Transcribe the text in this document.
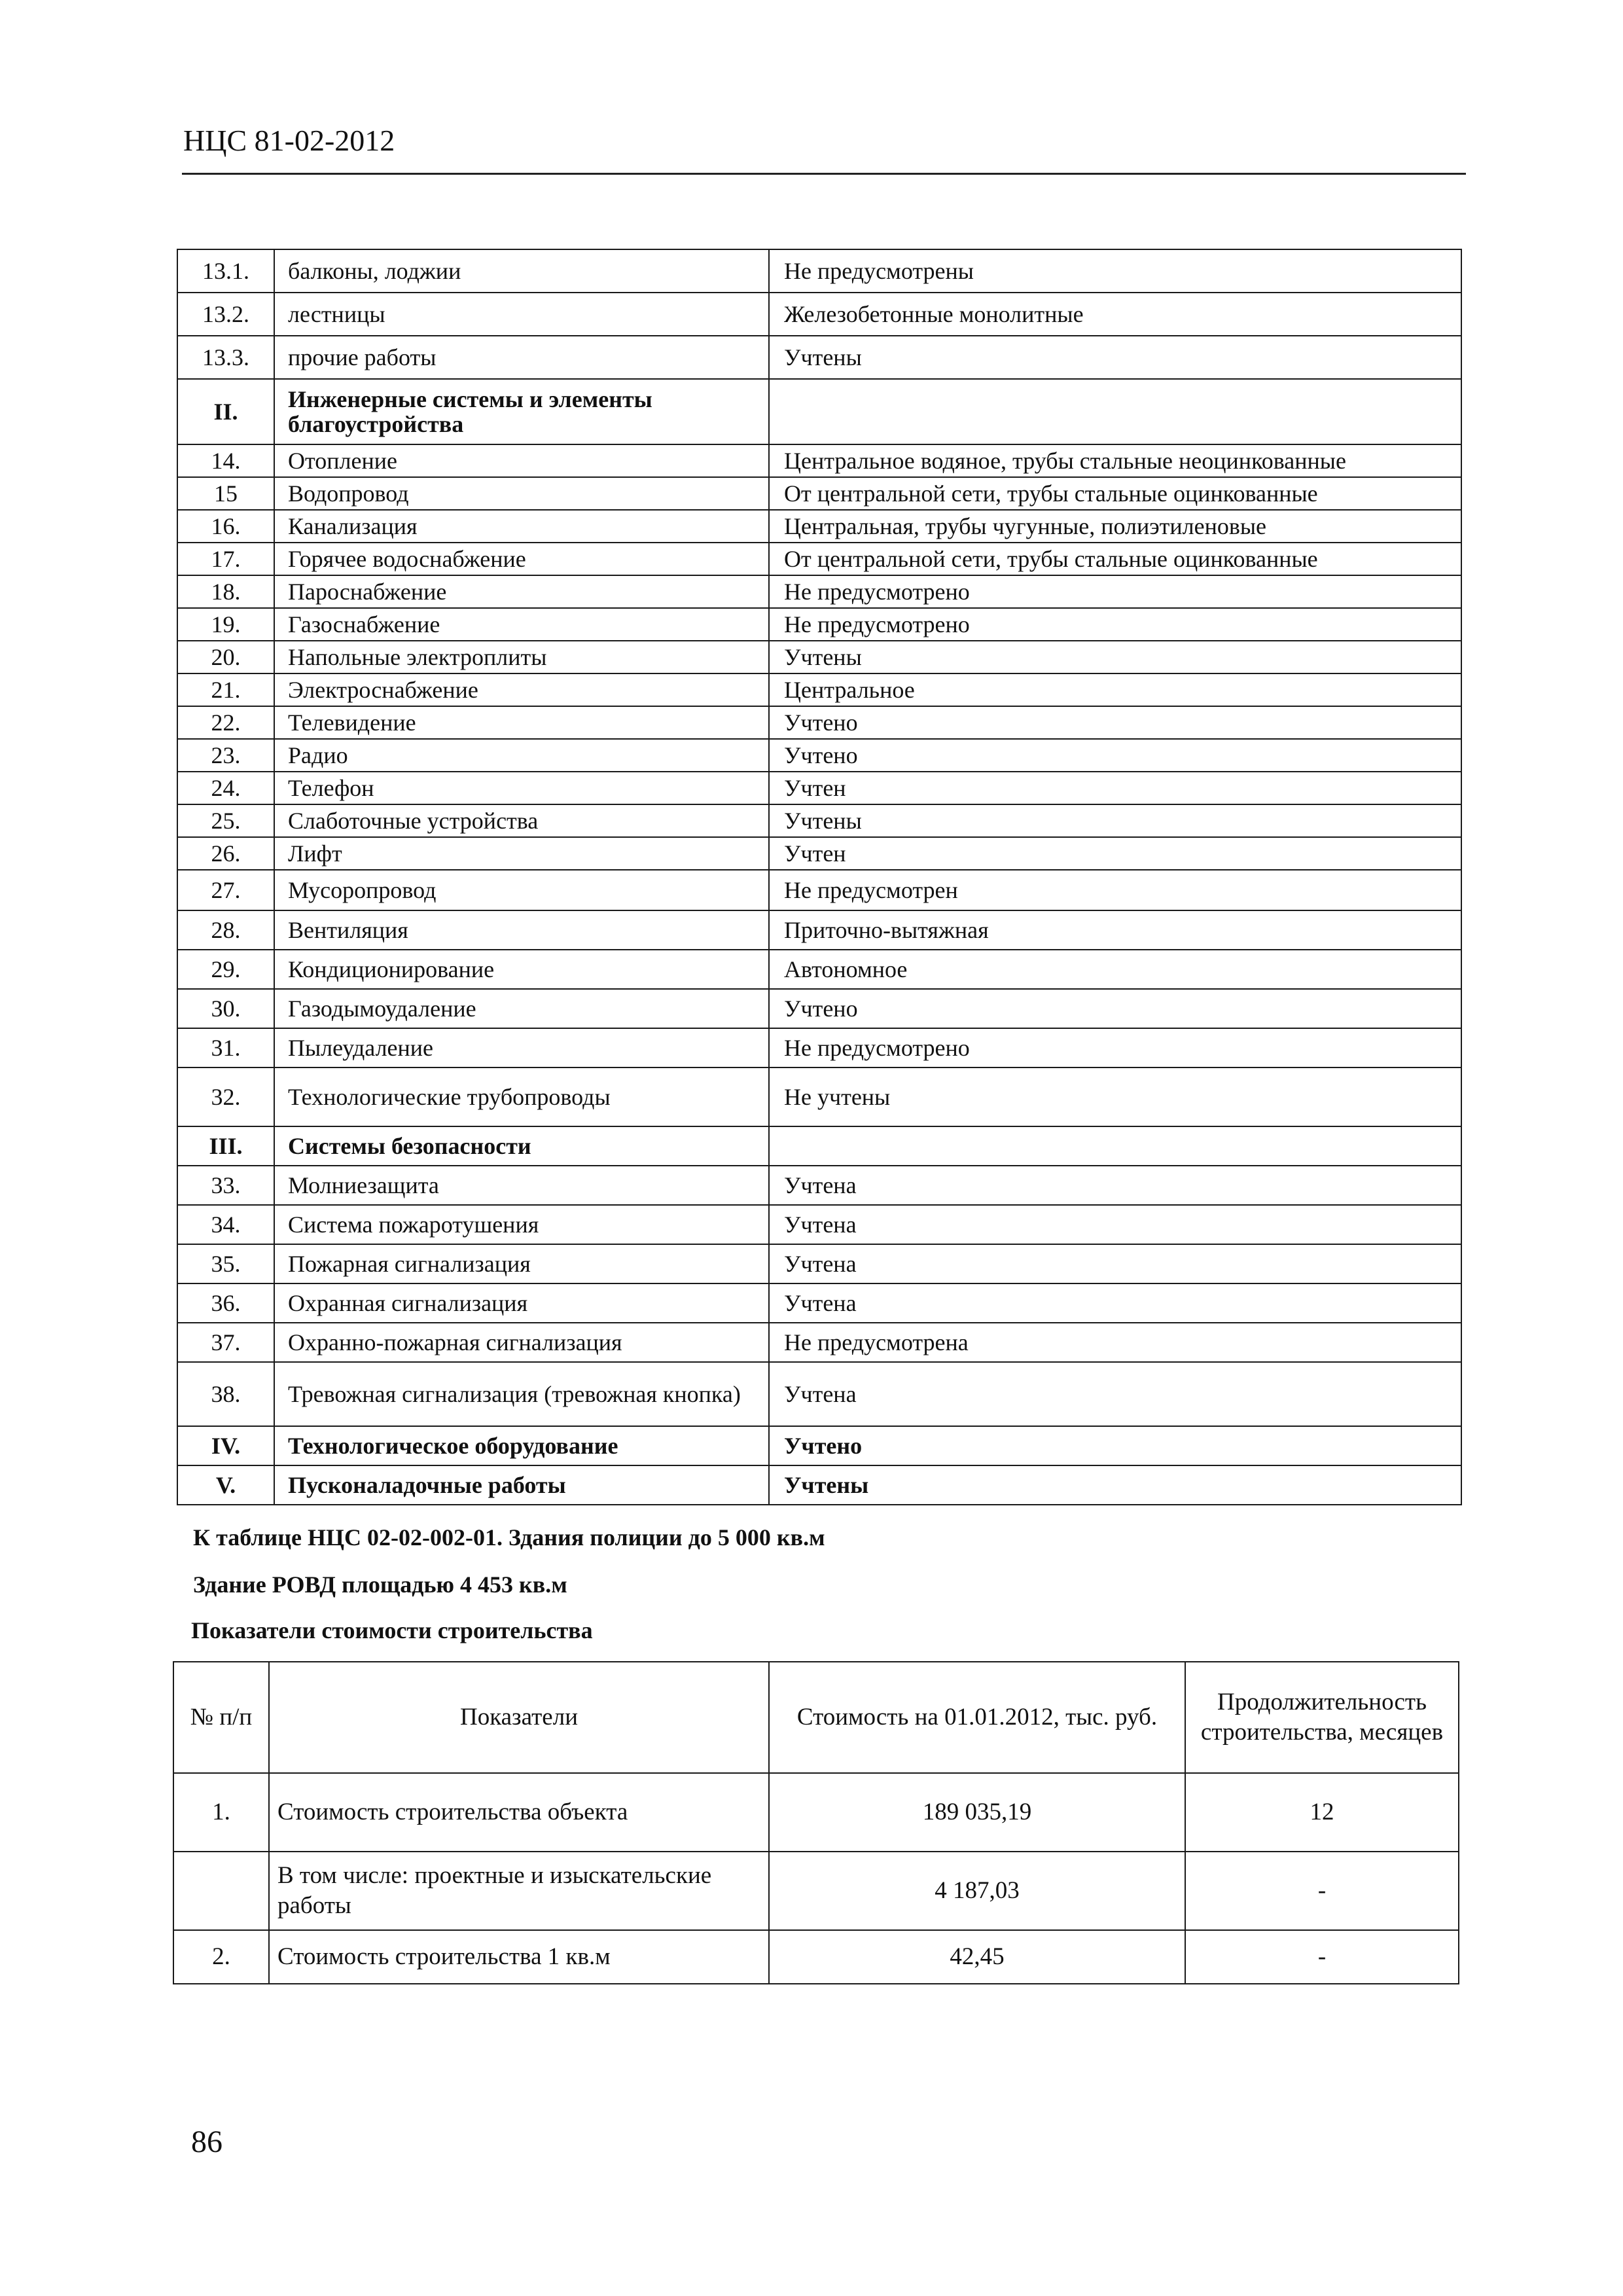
НЦС 81-02-2012
13.1.	балконы, лоджии	Не предусмотрены
13.2.	лестницы	Железобетонные монолитные
13.3.	прочие работы	Учтены
II.	Инженерные системы и элементы благоустройства	
14.	Отопление	Центральное водяное, трубы стальные неоцинкованные
15	Водопровод	От центральной сети, трубы стальные оцинкованные
16.	Канализация	Центральная, трубы чугунные, полиэтиленовые
17.	Горячее водоснабжение	От центральной сети, трубы стальные оцинкованные
18.	Пароснабжение	Не предусмотрено
19.	Газоснабжение	Не предусмотрено
20.	Напольные электроплиты	Учтены
21.	Электроснабжение	Центральное
22.	Телевидение	Учтено
23.	Радио	Учтено
24.	Телефон	Учтен
25.	Слаботочные устройства	Учтены
26.	Лифт	Учтен
27.	Мусоропровод	Не предусмотрен
28.	Вентиляция	Приточно-вытяжная
29.	Кондиционирование	Автономное
30.	Газодымоудаление	Учтено
31.	Пылеудаление	Не предусмотрено
32.	Технологические трубопроводы	Не учтены
III.	Системы безопасности	
33.	Молниезащита	Учтена
34.	Система пожаротушения	Учтена
35.	Пожарная сигнализация	Учтена
36.	Охранная сигнализация	Учтена
37.	Охранно-пожарная сигнализация	Не предусмотрена
38.	Тревожная сигнализация (тревожная кнопка)	Учтена
IV.	Технологическое оборудование	Учтено
V.	Пусконаладочные работы	Учтены
К таблице НЦС 02-02-002-01. Здания полиции до 5 000 кв.м
Здание РОВД площадью 4 453 кв.м
Показатели стоимости строительства
№ п/п	Показатели	Стоимость на 01.01.2012, тыс. руб.	Продолжительность строительства, месяцев
1.	Стоимость строительства объекта	189 035,19	12
	В том числе: проектные и изыскательские работы	4 187,03	-
2.	Стоимость строительства 1 кв.м	42,45	-
86
